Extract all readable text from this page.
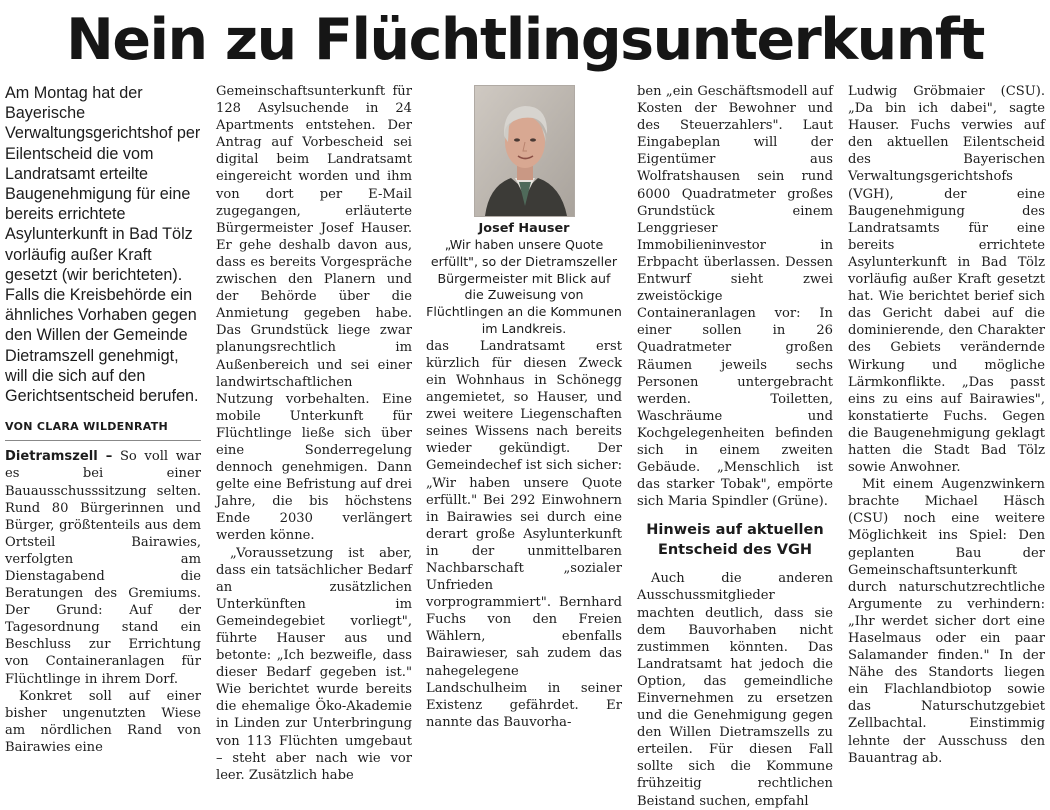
Nein zu Flüchtlingsunterkunft

Am Montag hat der Bayerische Verwaltungsgerichtshof per Eilentscheid die vom Landratsamt erteilte Baugenehmigung für eine bereits errichtete Asylunterkunft in Bad Tölz vorläufig außer Kraft gesetzt (wir berichteten). Falls die Kreisbehörde ein ähnliches Vorhaben gegen den Willen der Gemeinde Dietramszell genehmigt, will die sich auf den Gerichtsentscheid berufen.

VON CLARA WILDENRATH

Dietramszell – So voll war es bei einer Bauausschusssitzung selten. Rund 80 Bürgerinnen und Bürger, größtenteils aus dem Ortsteil Bairawies, verfolgten am Dienstagabend die Beratungen des Gremiums. Der Grund: Auf der Tagesordnung stand ein Beschluss zur Errichtung von Containeranlagen für Flüchtlinge in ihrem Dorf.

Konkret soll auf einer bisher ungenutzten Wiese am nördlichen Rand von Bairawies eine

Gemeinschaftsunterkunft für 128 Asylsuchende in 24 Apartments entstehen. Der Antrag auf Vorbescheid sei digital beim Landratsamt eingereicht worden und ihm von dort per E-Mail zugegangen, erläuterte Bürgermeister Josef Hauser. Er gehe deshalb davon aus, dass es bereits Vorgespräche zwischen den Planern und der Behörde über die Anmietung gegeben habe. Das Grundstück liege zwar planungsrechtlich im Außenbereich und sei einer landwirtschaftlichen Nutzung vorbehalten. Eine mobile Unterkunft für Flüchtlinge ließe sich über eine Sonderregelung dennoch genehmigen. Dann gelte eine Befristung auf drei Jahre, die bis höchstens Ende 2030 verlängert werden könne.

„Voraussetzung ist aber, dass ein tatsächlicher Bedarf an zusätzlichen Unterkünften im Gemeindegebiet vorliegt", führte Hauser aus und betonte: „Ich bezweifle, dass dieser Bedarf gegeben ist." Wie berichtet wurde bereits die ehemalige Öko-Akademie in Linden zur Unterbringung von 113 Flüchten umgebaut – steht aber nach wie vor leer. Zusätzlich habe

Josef Hauser

„Wir haben unsere Quote erfüllt", so der Dietramszeller Bürgermeister mit Blick auf die Zuweisung von Flüchtlingen an die Kommunen im Landkreis.

das Landratsamt erst kürzlich für diesen Zweck ein Wohnhaus in Schönegg angemietet, so Hauser, und zwei weitere Liegenschaften seines Wissens nach bereits wieder gekündigt. Der Gemeindechef ist sich sicher: „Wir haben unsere Quote erfüllt." Bei 292 Einwohnern in Bairawies sei durch eine derart große Asylunterkunft in der unmittelbaren Nachbarschaft „sozialer Unfrieden vorprogrammiert". Bernhard Fuchs von den Freien Wählern, ebenfalls Bairawieser, sah zudem das nahegelegene Landschulheim in seiner Existenz gefährdet. Er nannte das Bauvorha-

ben „ein Geschäftsmodell auf Kosten der Bewohner und des Steuerzahlers". Laut Eingabeplan will der Eigentümer aus Wolfratshausen sein rund 6000 Quadratmeter großes Grundstück einem Lenggrieser Immobilieninvestor in Erbpacht überlassen. Dessen Entwurf sieht zwei zweistöckige Containeranlagen vor: In einer sollen in 26 Quadratmeter großen Räumen jeweils sechs Personen untergebracht werden. Toiletten, Waschräume und Kochgelegenheiten befinden sich in einem zweiten Gebäude. „Menschlich ist das starker Tobak", empörte sich Maria Spindler (Grüne).

Hinweis auf aktuellen Entscheid des VGH

Auch die anderen Ausschussmitglieder machten deutlich, dass sie dem Bauvorhaben nicht zustimmen könnten. Das Landratsamt hat jedoch die Option, das gemeindliche Einvernehmen zu ersetzen und die Genehmigung gegen den Willen Dietramszells zu erteilen. Für diesen Fall sollte sich die Kommune frühzeitig rechtlichen Beistand suchen, empfahl

Ludwig Gröbmaier (CSU). „Da bin ich dabei", sagte Hauser. Fuchs verwies auf den aktuellen Eilentscheid des Bayerischen Verwaltungsgerichtshofs (VGH), der eine Baugenehmigung des Landratsamts für eine bereits errichtete Asylunterkunft in Bad Tölz vorläufig außer Kraft gesetzt hat. Wie berichtet berief sich das Gericht dabei auf die dominierende, den Charakter des Gebiets verändernde Wirkung und mögliche Lärmkonflikte. „Das passt eins zu eins auf Bairawies", konstatierte Fuchs. Gegen die Baugenehmigung geklagt hatten die Stadt Bad Tölz sowie Anwohner.

Mit einem Augenzwinkern brachte Michael Häsch (CSU) noch eine weitere Möglichkeit ins Spiel: Den geplanten Bau der Gemeinschaftsunterkunft durch naturschutzrechtliche Argumente zu verhindern: „Ihr werdet sicher dort eine Haselmaus oder ein paar Salamander finden." In der Nähe des Standorts liegen ein Flachlandbiotop sowie das Naturschutzgebiet Zellbachtal. Einstimmig lehnte der Ausschuss den Bauantrag ab.
